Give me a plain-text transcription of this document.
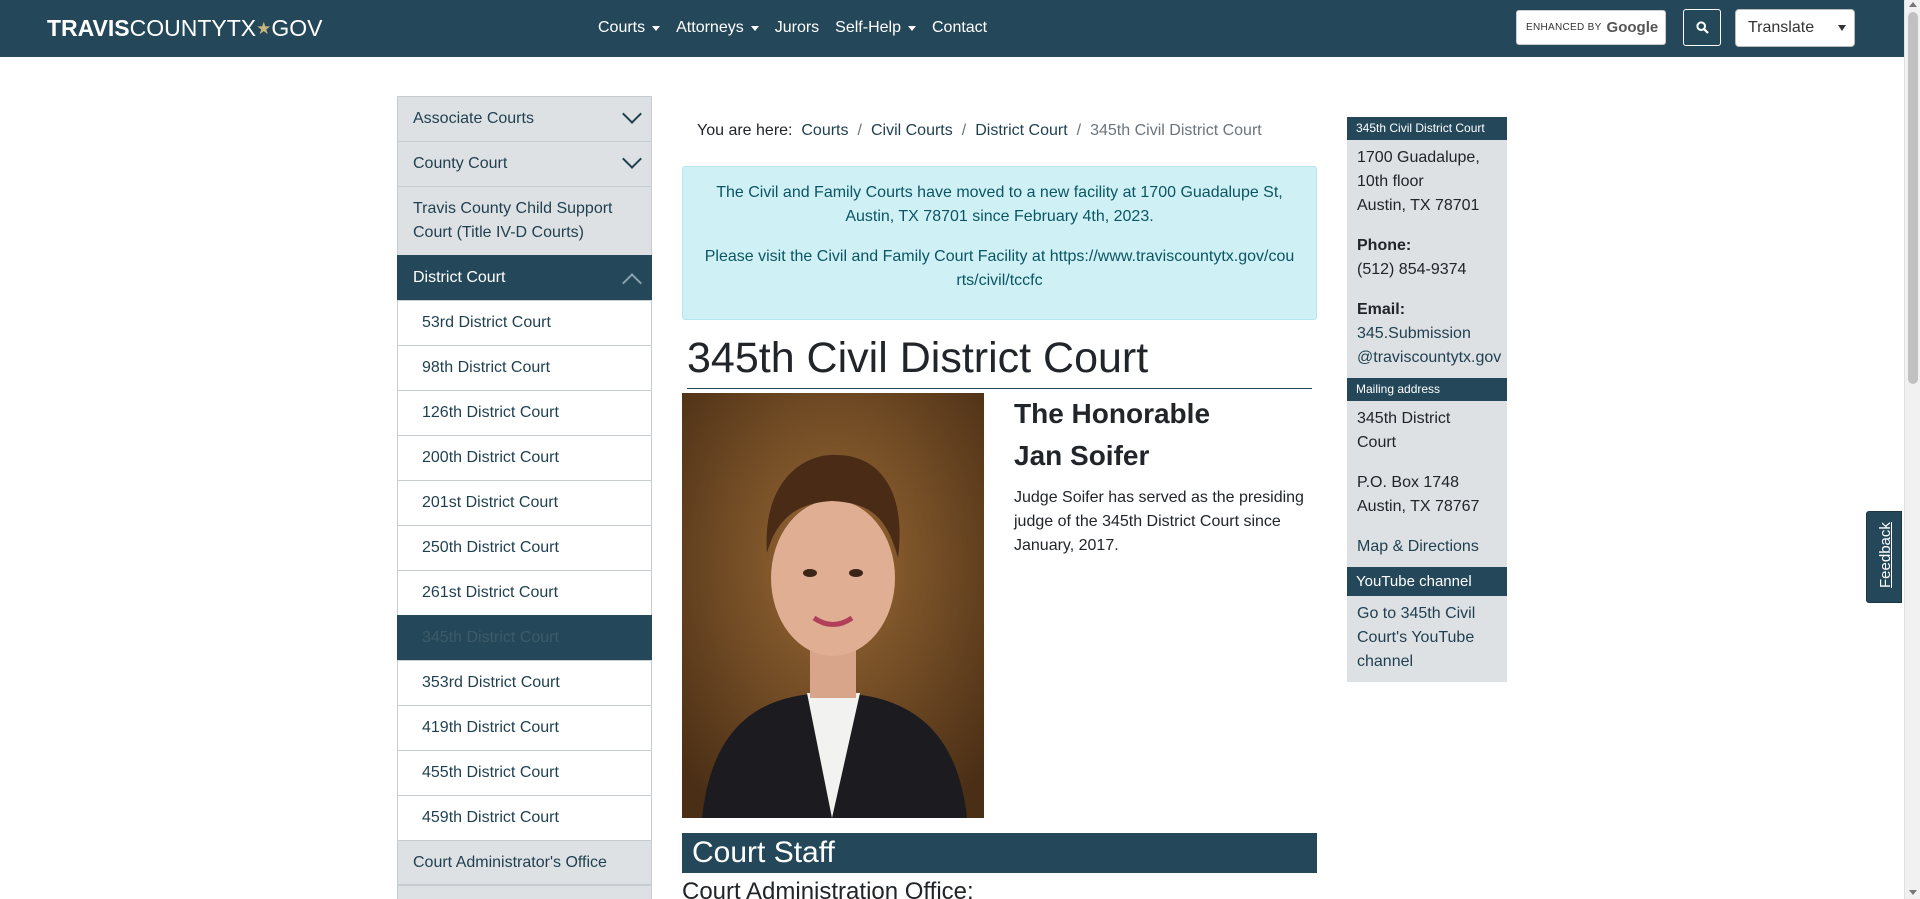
TRAVISCOUNTYTX★GOV	Courts Attorneys Jurors Self-Help Contact	ENHANCED BY Google	Translate
Associate Courts
County Court
Travis County Child Support Court (Title IV-D Courts)
District Court
53rd District Court
98th District Court
126th District Court
200th District Court
201st District Court
250th District Court
261st District Court
345th District Court
353rd District Court
419th District Court
455th District Court
459th District Court
Court Administrator's Office
You are here: Courts / Civil Courts / District Court / 345th Civil District Court

The Civil and Family Courts have moved to a new facility at 1700 Guadalupe St, Austin, TX 78701 since February 4th, 2023.

Please visit the Civil and Family Court Facility at https://www.traviscountytx.gov/courts/civil/tccfc

345th Civil District Court
The Honorable
Jan Soifer

Judge Soifer has served as the presiding judge of the 345th District Court since January, 2017.

Court Staff
Court Administration Office:
345th Civil District Court
1700 Guadalupe,
10th floor
Austin, TX 78701
Phone:
(512) 854-9374
Email:
345.Submission
@traviscountytx.gov
Mailing address
345th District
Court
P.O. Box 1748
Austin, TX 78767
Map & Directions
YouTube channel
Go to 345th Civil Court's YouTube channel
Feedback
